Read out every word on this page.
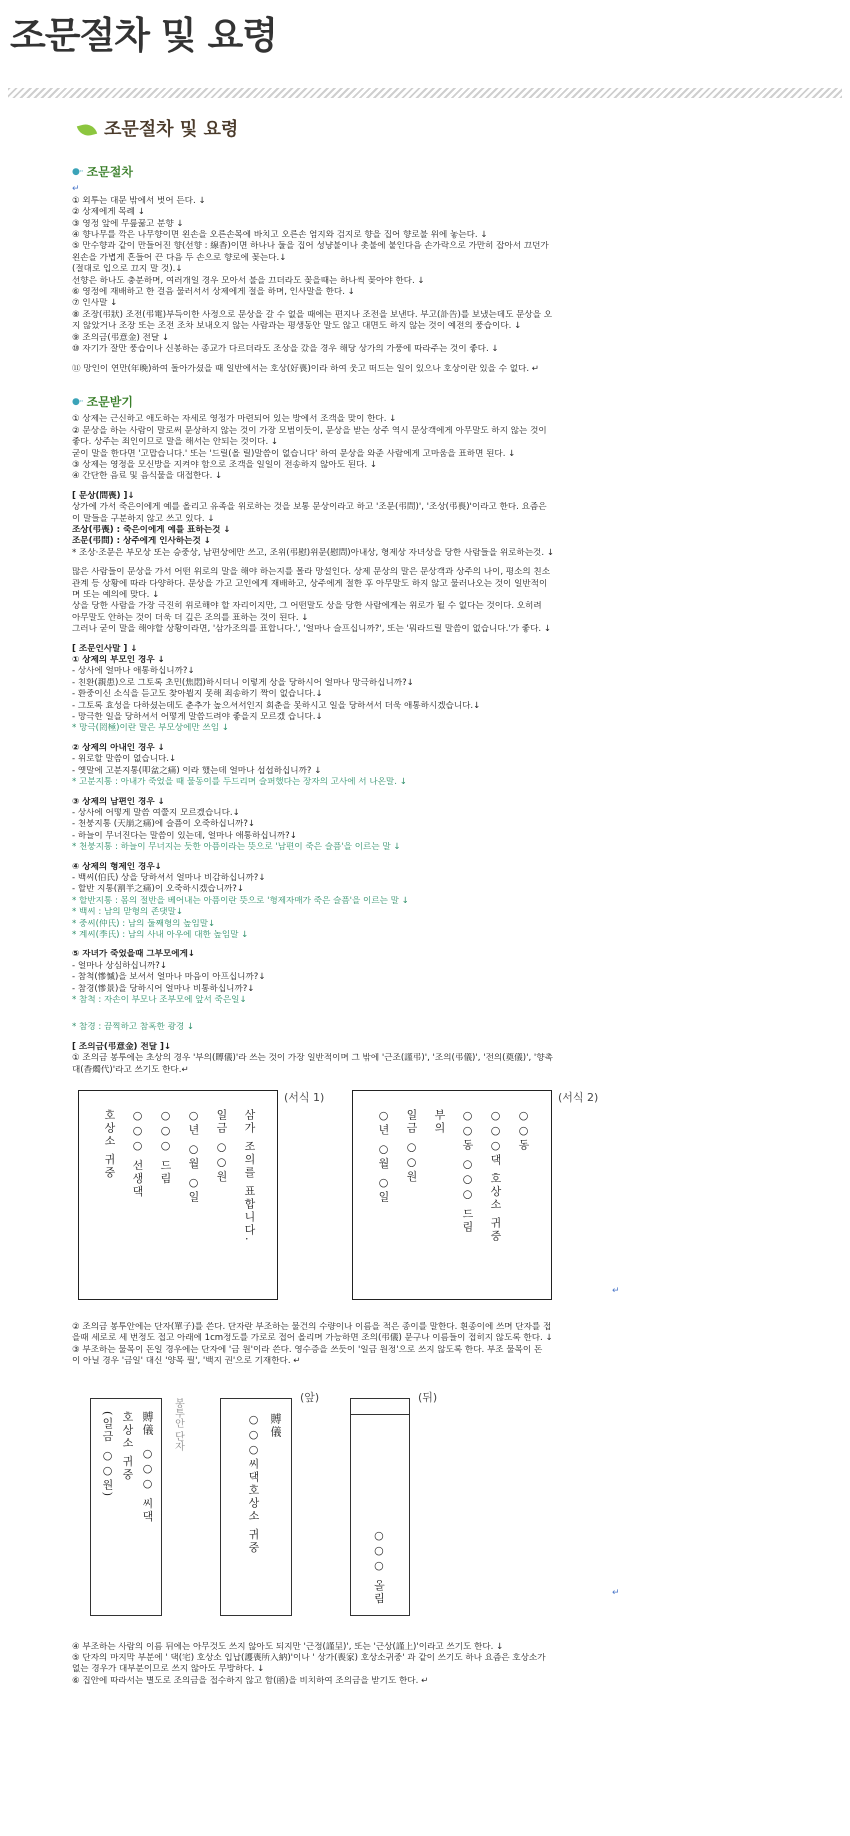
조문절차 및 요령
조문절차 및 요령
●·· 조문절차

↵

① 외투는 대문 밖에서 벗어 든다. ↓

② 상제에게 목례 ↓

③ 영정 앞에 무릎꿇고 분향 ↓

④ 향나무를 깍은 나무향이면 왼손을 오른손목에 바치고 오른손 엄지와 검지로 향을 집어 향로불 위에 놓는다. ↓

⑤ 만수향과 같이 만들어진 향(선향 : 線香)이면 하나나 둘을 집어 성냥불이나 촛불에 붙인다음 손가락으로 가만히 잡아서 끄던가

왼손을 가볍게 흔들어 끈 다음 두 손으로 향로에 꽂는다.↓

(절대로 입으로 끄지 말 것).↓

선향은 하나도 충분하며, 여러개일 경우 모아서 불을 끄더라도 꽂을때는 하나씩 꽂아야 한다. ↓

⑥ 영정에 재배하고 한 걸음 물러서서 상제에게 절을 하며, 인사말을 한다. ↓

⑦ 인사말 ↓

⑧ 조장(弔狀) 조전(弔電)부득이한 사정으로 문상을 갈 수 없을 때에는 편지나 조전을 보낸다. 부고(訃告)를 보냈는데도 문상을 오

지 않았거나 조장 또는 조전 조차 보내오지 않는 사람과는 평생동안 말도 않고 대면도 하지 않는 것이 예전의 풍습이다. ↓

⑨ 조의금(弔意金) 전달 ↓

⑩ 자기가 잘만 풍습이나 신봉하는 종교가 다르더라도 조상을 갔을 경우 해당 상가의 가풍에 따라주는 것이 좋다. ↓

⑪ 망인이 연만(年晩)하여 돌아가셨을 때 일반에서는 호상(好喪)이라 하여 웃고 떠드는 일이 있으나 호상이란 있을 수 없다. ↵

●·· 조문받기

① 상제는 근신하고 애도하는 자세로 영정가 마련되어 있는 방에서 조객을 맞이 한다. ↓

② 문상을 하는 사람이 말로써 문상하지 않는 것이 가장 모범이듯이, 문상을 받는 상주 역시 문상객에게 아무말도 하지 않는 것이

좋다. 상주는 죄인이므로 말을 해서는 안되는 것이다. ↓

굳이 말을 한다면 '고맙습니다.' 또는 '드릴(올 릴)말씀이 없습니다' 하여 문상을 와준 사람에게 고마움을 표하면 된다. ↓

③ 상제는 영정을 모신방을 지켜야 함으로 조객을 일일이 전송하지 않아도 된다. ↓

④ 간단한 음료 및 음식물을 대접한다. ↓

[ 문상(問喪) ]↓

상가에 가서 죽은이에게 예를 올리고 유족을 위로하는 것을 보통 문상이라고 하고 '조문(弔問)', '조상(弔喪)'이라고 한다. 요즘은

이 말들을 구분하지 않고 쓰고 있다. ↓

조상(弔喪) : 죽은이에게 예를 표하는것 ↓

조문(弔問) : 상주에게 인사하는것 ↓

* 조상·조문은 부모상 또는 승중상, 남편상에만 쓰고, 조위(弔慰)위문(慰問)아내상, 형제상 자녀상을 당한 사람들을 위로하는것. ↓

많은 사람들이 문상을 가서 어떤 위로의 말을 해야 하는지를 몰라 망설인다. 상제 문상의 말은 문상객과 상주의 나이, 평소의 친소

관계 등 상황에 따라 다양하다. 문상을 가고 고인에게 재배하고, 상주에게 절한 후 아무말도 하지 않고 물러나오는 것이 일반적이

며 또는 예의에 맞다. ↓

상을 당한 사람을 가장 극진히 위로해야 할 자리이지만, 그 어떤말도 상을 당한 사람에게는 위로가 될 수 없다는 것이다. 오히려

아무말도 안하는 것이 더욱 더 깊은 조의를 표하는 것이 된다. ↓

그러나 굳이 말을 해야할 상황이라면, '삼가조의를 표합니다.', '얼마나 슬프십니까?', 또는 '뭐라드릴 말씀이 없습니다.'가 좋다. ↓

[ 조문인사말 ] ↓

① 상제의 부모인 경우 ↓

- 상사에 얼마나 애통하십니까?↓

- 친환(親患)으로 그토록 초민(焦悶)하시더니 이렇게 상을 당하시어 얼마나 망극하십니까?↓

- 환중이신 소식을 듣고도 찾아뵙지 못해 죄송하기 짝이 없습니다.↓

- 그토록 효성을 다하셨는데도 춘추가 높으셔서인지 회춘을 못하시고 일을 당하셔서 더욱 애통하시겠습니다.↓

- 망극한 일을 당하셔서 어떻게 말씀드려야 좋을지 모르겠 습니다.↓

* 망극(罔極)이란 말은 부모상에만 쓰임 ↓

② 상제의 아내인 경우 ↓

- 위로할 말씀이 없습니다.↓

- 옛말에 고분지통(叩盆之痛) 이라 했는데 얼마나 섭섭하십니까? ↓

* 고분지통 : 아내가 죽었을 때 물동이를 두드리며 슬퍼했다는 장자의 고사에 서 나온말. ↓

③ 상제의 남편인 경우 ↓

- 상사에 어떻게 말씀 여쭐지 모르겠습니다.↓

- 천붕지통 (天崩之痛)에 슬픔이 오죽하십니까?↓

- 하늘이 무너진다는 말씀이 있는데, 얼마나 애통하십니까?↓

* 천붕지통 : 하늘이 무너지는 듯한 아픔이라는 뜻으로 '남편이 죽은 슬픔'을 이르는 말 ↓

④ 상제의 형제인 경우↓

- 백씨(伯氏) 상을 당하셔서 얼마나 비감하십니까?↓

- 할반 지통(割半之痛)이 오죽하시겠습니까?↓

* 할반지통 : 몸의 절반을 베어내는 아픔이란 뜻으로 '형제자매가 죽은 슬픔'을 이르는 말 ↓

* 백씨 : 남의 맏형의 존댓말↓

* 중씨(仲氏) : 남의 둘째형의 높임말↓

* 계씨(季氏) : 남의 사내 아우에 대한 높임말 ↓

⑤ 자녀가 죽었을때 그부모에게↓

- 얼마나 상심하십니까?↓

- 참척(慘慽)을 보셔서 얼마나 마음이 아프십니까?↓

- 참경(慘景)을 당하시어 얼마나 비통하십니까?↓

* 참척 : 자손이 부모나 조부모에 앞서 죽은일↓

* 참경 : 끔찍하고 참혹한 광경 ↓

[ 조의금(弔意金) 전달 ]↓

① 조의금 봉투에는 초상의 경우 '부의(賻儀)'라 쓰는 것이 가장 일반적이며 그 밖에 '근조(謹弔)', '조의(弔儀)', '전의(奠儀)', '향촉

대(香燭代)'라고 쓰기도 한다.↵

삼가 조의를 표합니다.
일금 ○○원
○년 ○월 ○일
○○○ 드림
○○○ 선생댁
호상소 귀중
(서식 1)
○○동
○○○댁 호상소 귀중
○○동 ○○○ 드림
부의
일금 ○○원
○년 ○월 ○일
(서식 2)
↵

② 조의금 봉투안에는 단자(單子)를 쓴다. 단자란 부조하는 물건의 수량이나 이름을 적은 종이를 말한다. 흰종이에 쓰며 단자를 접

을때 세로로 세 번정도 접고 아래에 1cm정도를 가로로 접어 올리며 가능하면 조의(弔儀) 문구나 이름들이 접히지 않도록 한다. ↓

③ 부조하는 물목이 돈일 경우에는 단자에 '금 원'이라 쓴다. 영수증을 쓰듯이 '일금 원정'으로 쓰지 않도록 한다. 부조 물목이 돈

이 아닐 경우 '금일' 대신 '양목 필', '백지 권'으로 기재한다. ↵

賻儀
○○○ 씨댁
호상소 귀중
(일금 ○○원)	봉투안 단자	賻儀
○○○씨댁호상소 귀중
(앞)
○○○ 올림
(뒤)
↵

④ 부조하는 사람의 이름 뒤에는 아무것도 쓰지 않아도 되지만 '근정(謹呈)', 또는 '근상(謹上)'이라고 쓰기도 한다. ↓

⑤ 단자의 마지막 부분에 ' 댁(宅) 호상소 입납(護喪所入納)'이나 ' 상가(喪家) 호상소귀중' 과 같이 쓰기도 하나 요즘은 호상소가

없는 경우가 대부분이므로 쓰지 않아도 무방하다. ↓

⑥ 집안에 따라서는 별도로 조의금을 접수하지 않고 함(函)을 비치하여 조의금을 받기도 한다. ↵
